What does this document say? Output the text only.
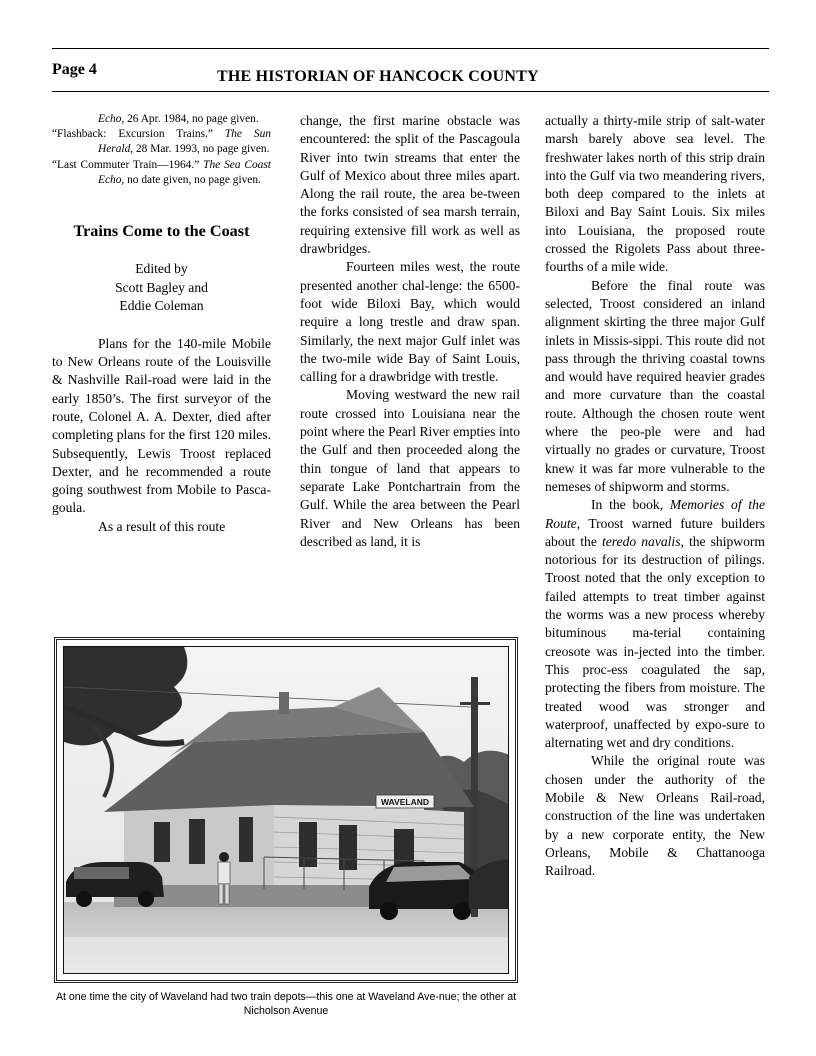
Page 4	THE HISTORIAN OF HANCOCK COUNTY

Echo, 26 Apr. 1984, no page given.

“Flashback: Excursion Trains.” The Sun Herald, 28 Mar. 1993, no page given.

“Last Commuter Train—1964.” The Sea Coast Echo, no date given, no page given.

Trains Come to the Coast
Edited by
Scott Bagley and
Eddie Coleman

Plans for the 140-mile Mobile to New Orleans route of the Louisville & Nashville Rail-road were laid in the early 1850’s. The first surveyor of the route, Colonel A. A. Dexter, died after completing plans for the first 120 miles. Subsequently, Lewis Troost replaced Dexter, and he recommended a route going southwest from Mobile to Pasca-goula.

As a result of this route

change, the first marine obstacle was encountered: the split of the Pascagoula River into twin streams that enter the Gulf of Mexico about three miles apart. Along the rail route, the area be-tween the forks consisted of sea marsh terrain, requiring extensive fill work as well as drawbridges.

Fourteen miles west, the route presented another chal-lenge: the 6500-foot wide Biloxi Bay, which would require a long trestle and draw span. Similarly, the next major Gulf inlet was the two-mile wide Bay of Saint Louis, calling for a drawbridge with trestle.

Moving westward the new rail route crossed into Louisiana near the point where the Pearl River empties into the Gulf and then proceeded along the thin tongue of land that appears to separate Lake Pontchartrain from the Gulf. While the area between the Pearl River and New Orleans has been described as land, it is

actually a thirty-mile strip of salt-water marsh barely above sea level. The freshwater lakes north of this strip drain into the Gulf via two meandering rivers, both deep compared to the inlets at Biloxi and Bay Saint Louis. Six miles into Louisiana, the proposed route crossed the Rigolets Pass about three-fourths of a mile wide.

Before the final route was selected, Troost considered an inland alignment skirting the three major Gulf inlets in Missis-sippi. This route did not pass through the thriving coastal towns and would have required heavier grades and more curvature than the coastal route. Although the chosen route went where the peo-ple were and had virtually no grades or curvature, Troost knew it was far more vulnerable to the nemeses of shipworm and storms.

In the book, Memories of the Route, Troost warned future builders about the teredo navalis, the shipworm notorious for its destruction of pilings. Troost noted that the only exception to failed attempts to treat timber against the worms was a new process whereby bituminous ma-terial containing creosote was in-jected into the timber. This proc-ess coagulated the sap, protecting the fibers from moisture. The treated wood was stronger and waterproof, unaffected by expo-sure to alternating wet and dry conditions.

While the original route was chosen under the authority of the Mobile & New Orleans Rail-road, construction of the line was undertaken by a new corporate entity, the New Orleans, Mobile & Chattanooga Railroad.

WAVELAND
At one time the city of Waveland had two train depots—this one at Waveland Ave-nue; the other at Nicholson Avenue
